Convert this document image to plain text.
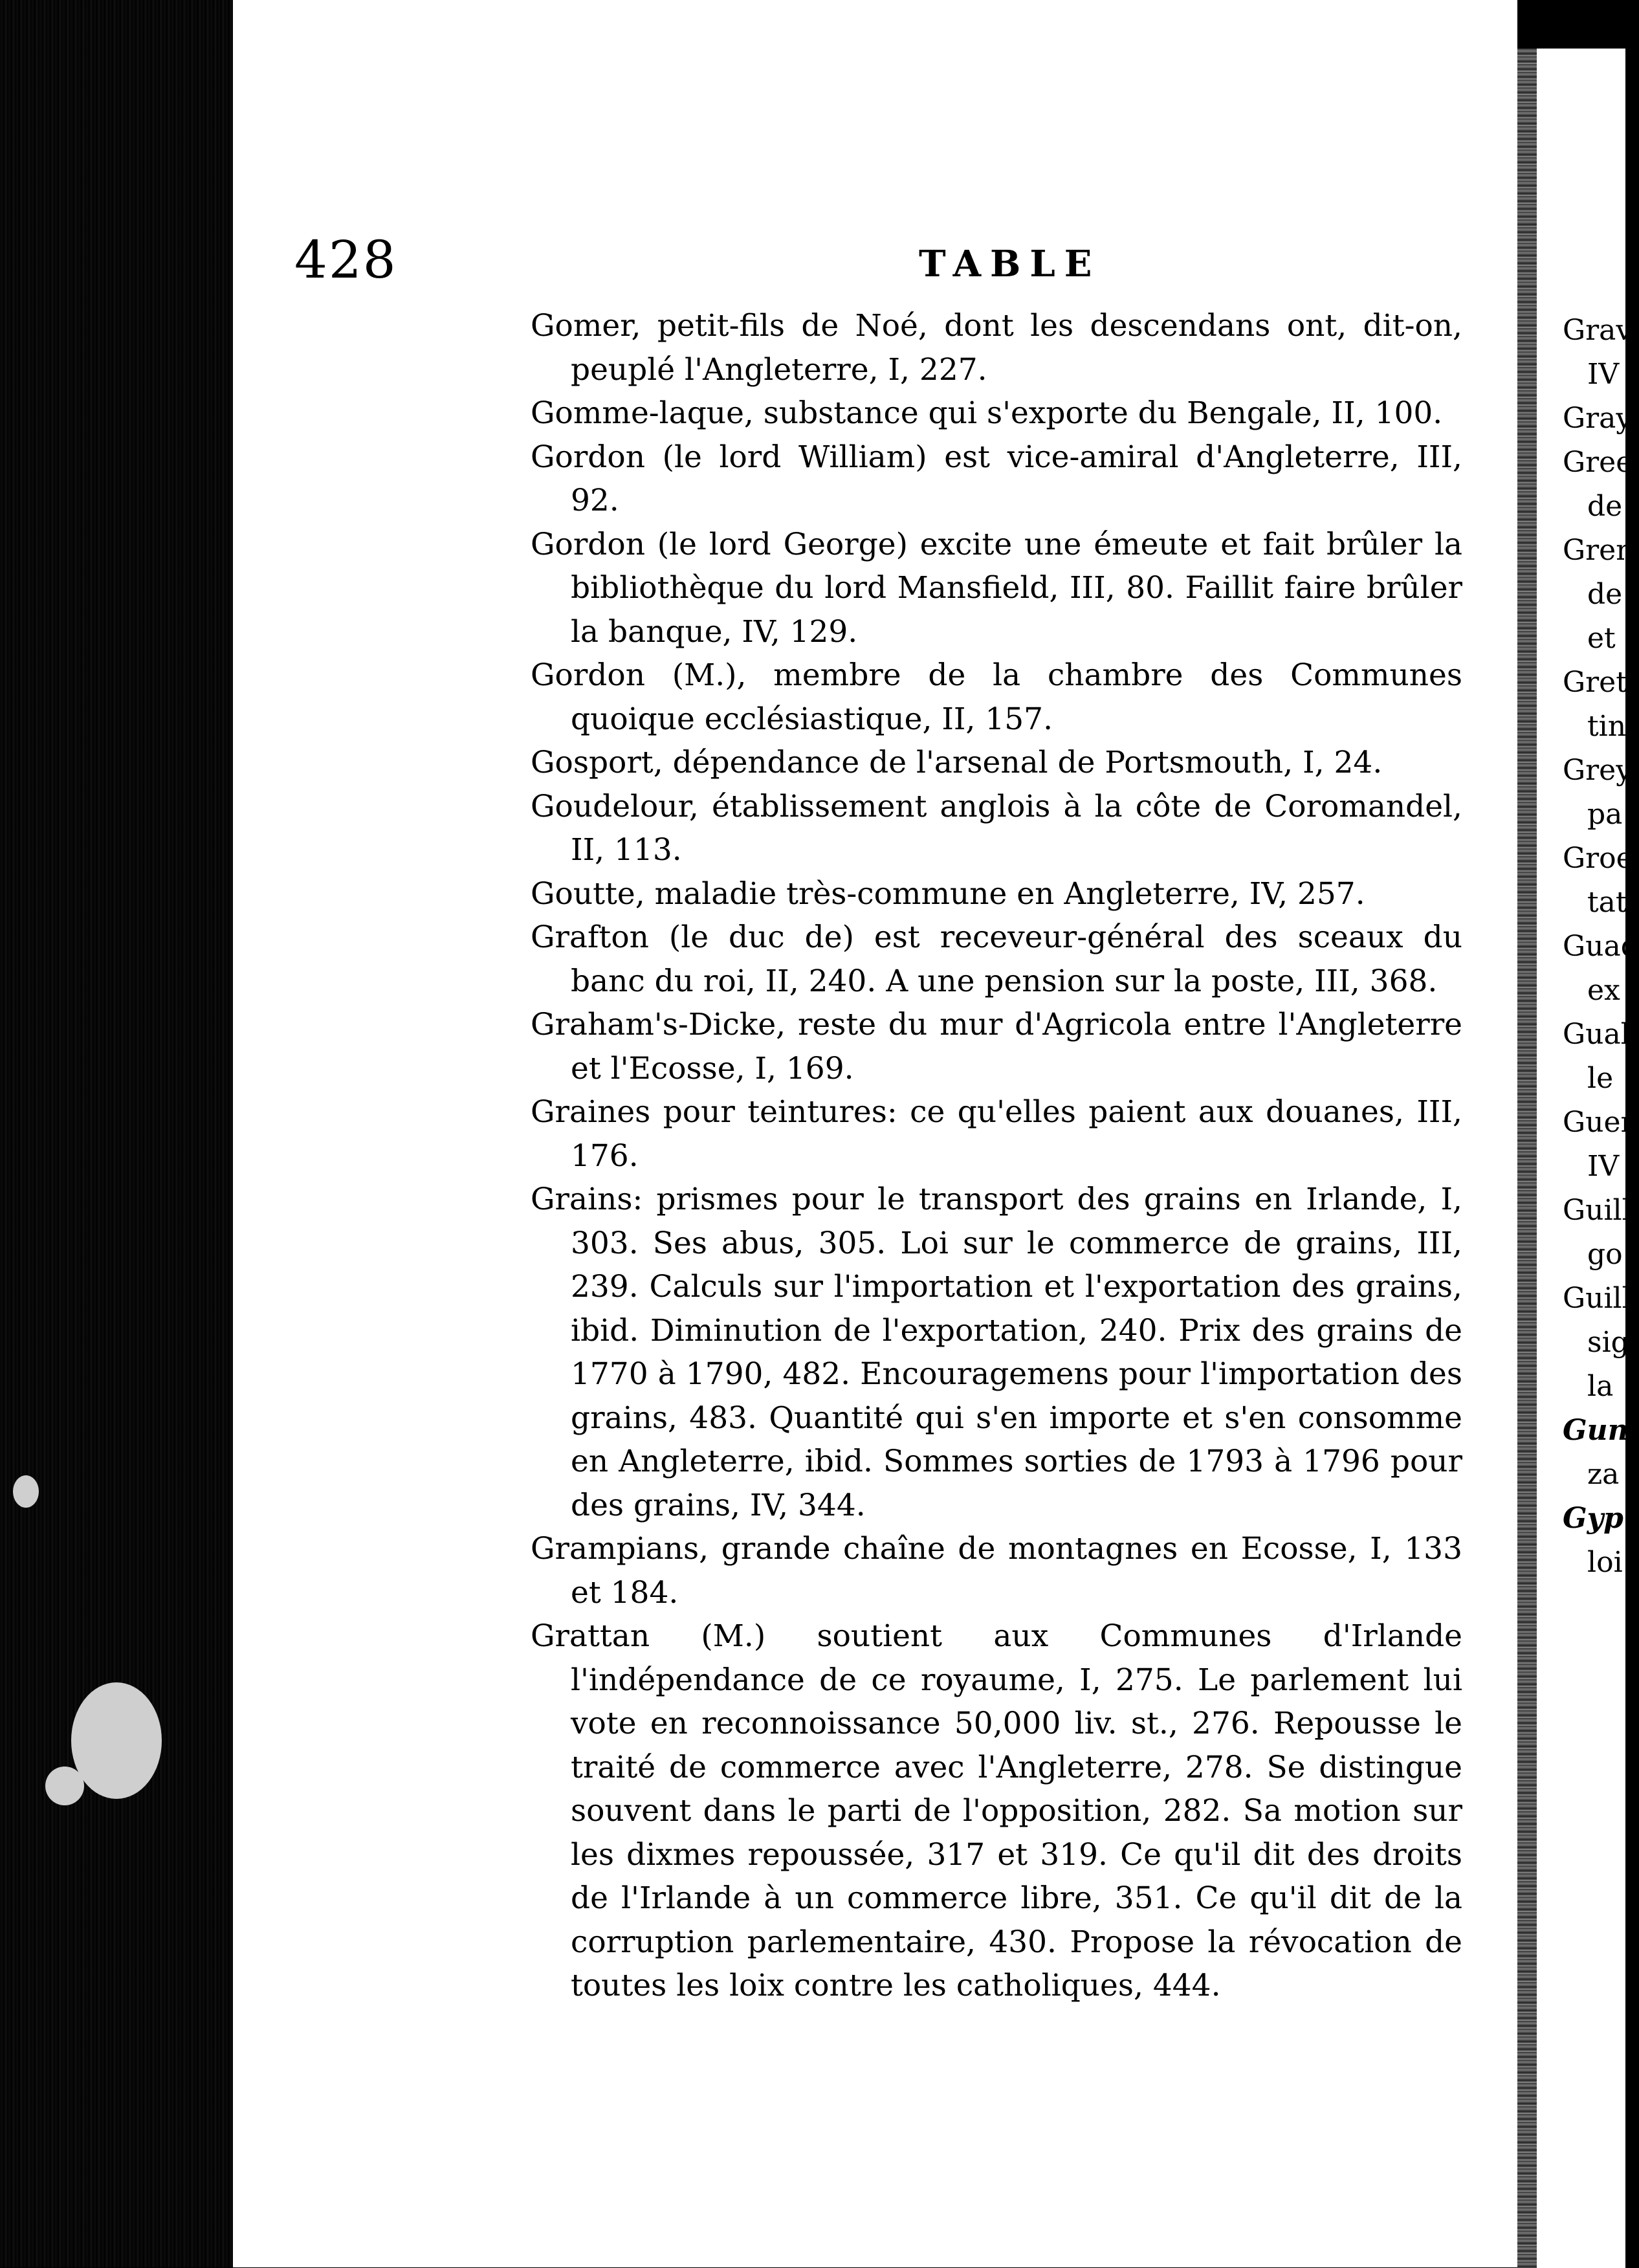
428	TABLE

Gomer, petit-fils de Noé, dont les descendans ont, dit-on, peuplé l'Angleterre, I, 227.

Gomme-laque, substance qui s'exporte du Bengale, II, 100.

Gordon (le lord William) est vice-amiral d'Angleterre, III, 92.

Gordon (le lord George) excite une émeute et fait brûler la bibliothèque du lord Mansfield, III, 80. Faillit faire brûler la banque, IV, 129.

Gordon (M.), membre de la chambre des Communes quoique ecclésiastique, II, 157.

Gosport, dépendance de l'arsenal de Portsmouth, I, 24.

Goudelour, établissement anglois à la côte de Coromandel, II, 113.

Goutte, maladie très-commune en Angleterre, IV, 257.

Grafton (le duc de) est receveur-général des sceaux du banc du roi, II, 240. A une pension sur la poste, III, 368.

Graham's-Dicke, reste du mur d'Agricola entre l'Angleterre et l'Ecosse, I, 169.

Graines pour teintures: ce qu'elles paient aux douanes, III, 176.

Grains: prismes pour le transport des grains en Irlande, I, 303. Ses abus, 305. Loi sur le commerce de grains, III, 239. Calculs sur l'importation et l'exportation des grains, ibid. Diminution de l'exportation, 240. Prix des grains de 1770 à 1790, 482. Encouragemens pour l'importation des grains, 483. Quantité qui s'en importe et s'en consomme en Angleterre, ibid. Sommes sorties de 1793 à 1796 pour des grains, IV, 344.

Grampians, grande chaîne de montagnes en Ecosse, I, 133 et 184.

Grattan (M.) soutient aux Communes d'Irlande l'indépendance de ce royaume, I, 275. Le parlement lui vote en reconnoissance 50,000 liv. st., 276. Repousse le traité de commerce avec l'Angleterre, 278. Se distingue souvent dans le parti de l'opposition, 282. Sa motion sur les dixmes repoussée, 317 et 319. Ce qu'il dit des droits de l'Irlande à un commerce libre, 351. Ce qu'il dit de la corruption parlementaire, 430. Propose la révocation de toutes les loix contre les catholiques, 444.

Grav
IV
Gray
Gree
de
Gren
de
et
Greti
tin
Grey
pa
Groe
tat
Guad
ex
Gual
le
Guer
IV
Guill
go
Guill
sig
la
Gun
za
Gyp
loi
